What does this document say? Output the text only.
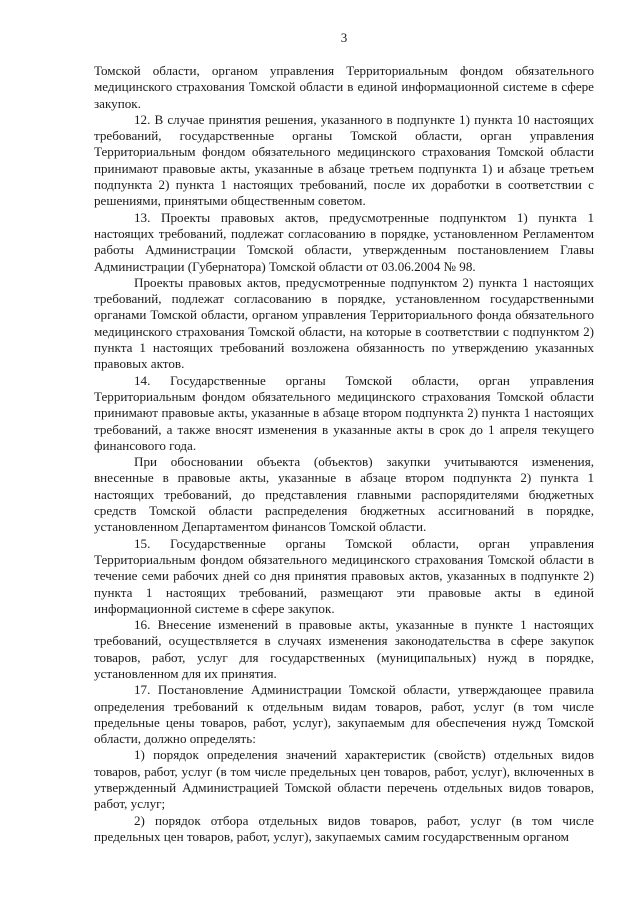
3

Томской области, органом управления Территориальным фондом обязательного медицинского страхования Томской области в единой информационной системе в сфере закупок.

12. В случае принятия решения, указанного в подпункте 1) пункта 10 настоящих требований, государственные органы Томской области, орган управления Территориальным фондом обязательного медицинского страхования Томской области принимают правовые акты, указанные в абзаце третьем подпункта 1) и абзаце третьем подпункта 2) пункта 1 настоящих требований, после их доработки в соответствии с решениями, принятыми общественным советом.

13. Проекты правовых актов, предусмотренные подпунктом 1) пункта 1 настоящих требований, подлежат согласованию в порядке, установленном Регламентом работы Администрации Томской области, утвержденным постановлением Главы Администрации (Губернатора) Томской области от 03.06.2004 № 98.

Проекты правовых актов, предусмотренные подпунктом 2) пункта 1 настоящих требований, подлежат согласованию в порядке, установленном государственными органами Томской области, органом управления Территориального фонда обязательного медицинского страхования Томской области, на которые в соответствии с подпунктом 2) пункта 1 настоящих требований возложена обязанность по утверждению указанных правовых актов.

14. Государственные органы Томской области, орган управления Территориальным фондом обязательного медицинского страхования Томской области принимают правовые акты, указанные в абзаце втором подпункта 2) пункта 1 настоящих требований, а также вносят изменения в указанные акты в срок до 1 апреля текущего финансового года.

При обосновании объекта (объектов) закупки учитываются изменения, внесенные в правовые акты, указанные в абзаце втором подпункта 2) пункта 1 настоящих требований, до представления главными распорядителями бюджетных средств Томской области распределения бюджетных ассигнований в порядке, установленном Департаментом финансов Томской области.

15. Государственные органы Томской области, орган управления Территориальным фондом обязательного медицинского страхования Томской области в течение семи рабочих дней со дня принятия правовых актов, указанных в подпункте 2) пункта 1 настоящих требований, размещают эти правовые акты в единой информационной системе в сфере закупок.

16. Внесение изменений в правовые акты, указанные в пункте 1 настоящих требований, осуществляется в случаях изменения законодательства в сфере закупок товаров, работ, услуг для государственных (муниципальных) нужд в порядке, установленном для их принятия.

17. Постановление Администрации Томской области, утверждающее правила определения требований к отдельным видам товаров, работ, услуг (в том числе предельные цены товаров, работ, услуг), закупаемым для обеспечения нужд Томской области, должно определять:

1) порядок определения значений характеристик (свойств) отдельных видов товаров, работ, услуг (в том числе предельных цен товаров, работ, услуг), включенных в утвержденный Администрацией Томской области перечень отдельных видов товаров, работ, услуг;

2) порядок отбора отдельных видов товаров, работ, услуг (в том числе предельных цен товаров, работ, услуг), закупаемых самим государственным органом
